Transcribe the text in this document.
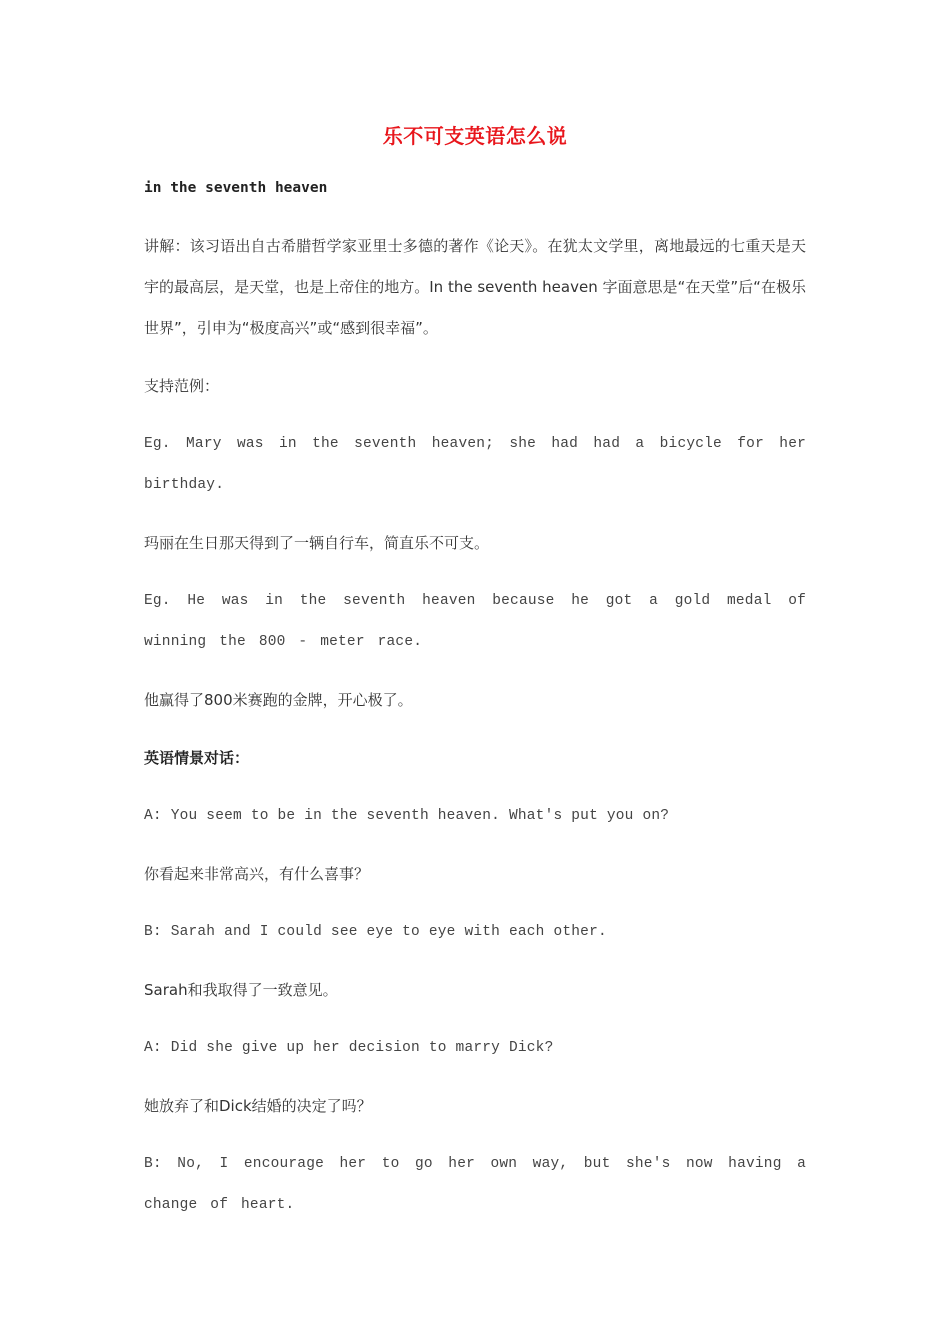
乐不可支英语怎么说
in the seventh heaven
讲解：该习语出自古希腊哲学家亚里士多德的著作《论天》。在犹太文学里，离地最远的七重天是天宇的最高层，是天堂，也是上帝住的地方。In the seventh heaven 字面意思是“在天堂”后“在极乐世界”，引申为“极度高兴”或“感到很幸福”。
支持范例：
Eg. Mary was in the seventh heaven; she had had a bicycle for her birthday.
玛丽在生日那天得到了一辆自行车，简直乐不可支。
Eg. He was in the seventh heaven because he got a gold medal of winning the 800 - meter race.
他赢得了800米赛跑的金牌，开心极了。
英语情景对话：
A: You seem to be in the seventh heaven. What's put you on?
你看起来非常高兴，有什么喜事？
B: Sarah and I could see eye to eye with each other.
Sarah和我取得了一致意见。
A: Did she give up her decision to marry Dick?
她放弃了和Dick结婚的决定了吗？
B: No, I encourage her to go her own way, but she's now having a change of heart.
